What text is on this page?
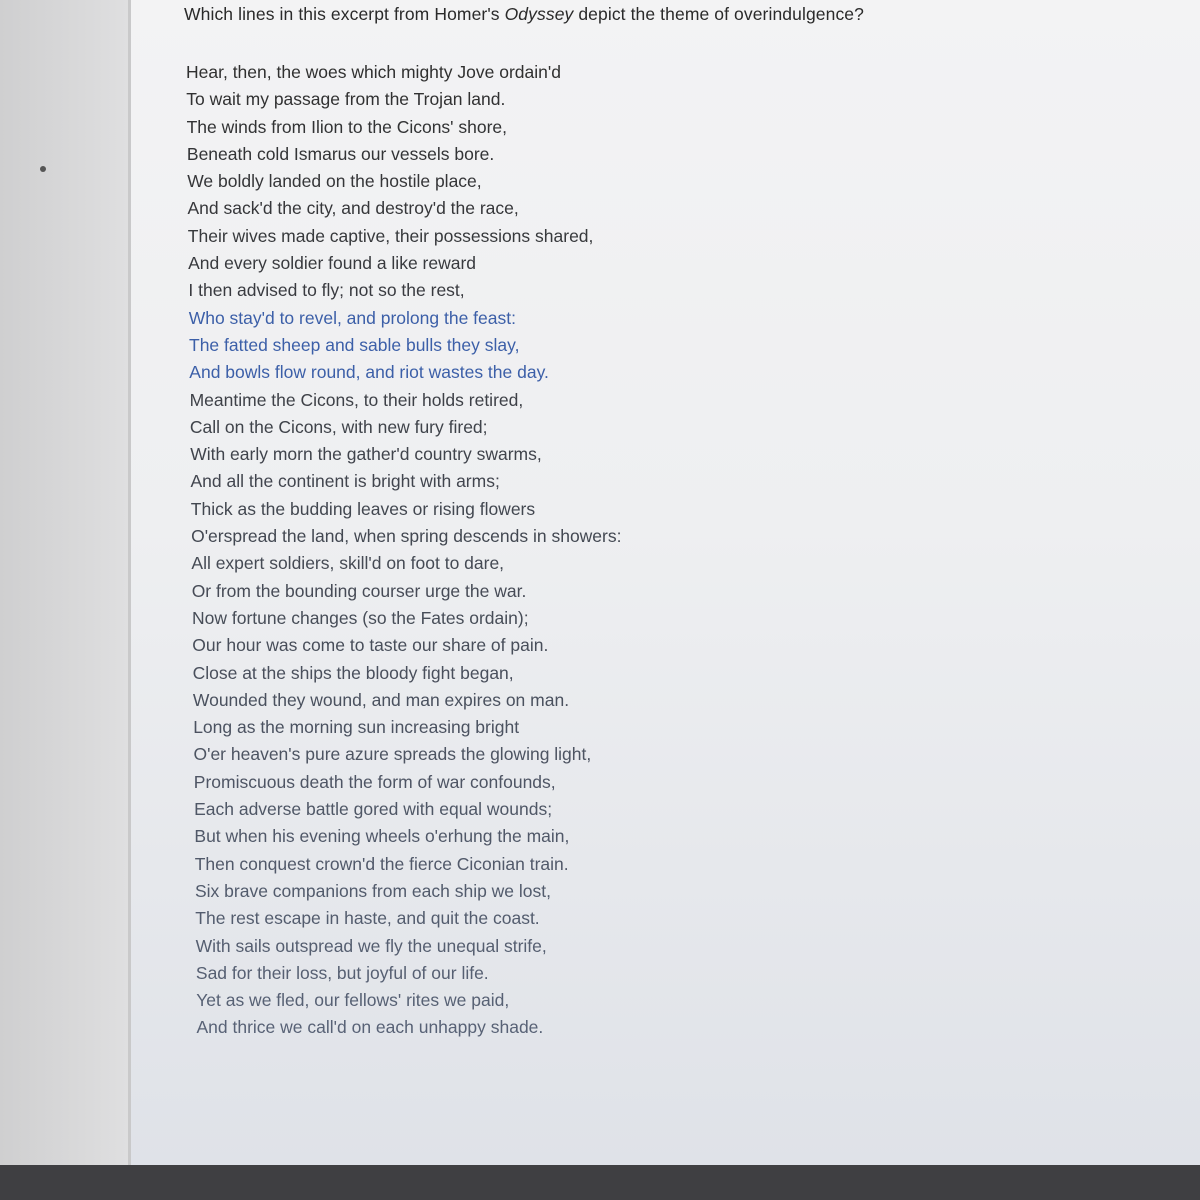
Which lines in this excerpt from Homer's Odyssey depict the theme of overindulgence?
Hear, then, the woes which mighty Jove ordain'd
To wait my passage from the Trojan land.
The winds from Ilion to the Cicons' shore,
Beneath cold Ismarus our vessels bore.
We boldly landed on the hostile place,
And sack'd the city, and destroy'd the race,
Their wives made captive, their possessions shared,
And every soldier found a like reward
I then advised to fly; not so the rest,
Who stay'd to revel, and prolong the feast:
The fatted sheep and sable bulls they slay,
And bowls flow round, and riot wastes the day.
Meantime the Cicons, to their holds retired,
Call on the Cicons, with new fury fired;
With early morn the gather'd country swarms,
And all the continent is bright with arms;
Thick as the budding leaves or rising flowers
O'erspread the land, when spring descends in showers:
All expert soldiers, skill'd on foot to dare,
Or from the bounding courser urge the war.
Now fortune changes (so the Fates ordain);
Our hour was come to taste our share of pain.
Close at the ships the bloody fight began,
Wounded they wound, and man expires on man.
Long as the morning sun increasing bright
O'er heaven's pure azure spreads the glowing light,
Promiscuous death the form of war confounds,
Each adverse battle gored with equal wounds;
But when his evening wheels o'erhung the main,
Then conquest crown'd the fierce Ciconian train.
Six brave companions from each ship we lost,
The rest escape in haste, and quit the coast.
With sails outspread we fly the unequal strife,
Sad for their loss, but joyful of our life.
Yet as we fled, our fellows' rites we paid,
And thrice we call'd on each unhappy shade.
